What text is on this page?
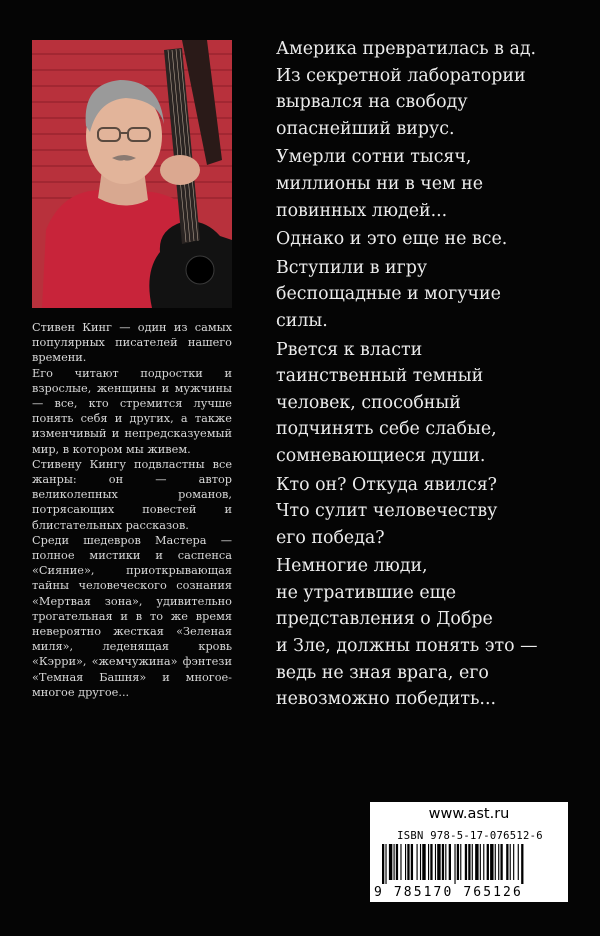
Стивен Кинг — один из самых популярных писателей нашего времени.

Его читают подростки и взрослые, женщины и мужчины — все, кто стремится лучше понять себя и других, а также изменчивый и непредсказуемый мир, в котором мы живем.

Стивену Кингу подвластны все жанры: он — автор великолепных романов, потрясающих повестей и блистательных рассказов.

Среди шедевров Мастера — полное мистики и саспенса «Сияние», приоткрывающая тайны человеческого сознания «Мертвая зона», удивительно трогательная и в то же время невероятно жесткая «Зеленая миля», леденящая кровь «Кэрри», «жемчужина» фэнтези «Темная Башня» и многое-многое другое...

Америка превратилась в ад.
Из секретной лаборатории
вырвался на свободу
опаснейший вирус.

Умерли сотни тысяч,
миллионы ни в чем не
повинных людей...

Однако и это еще не все.

Вступили в игру
беспощадные и могучие
силы.

Рвется к власти
таинственный темный
человек, способный
подчинять себе слабые,
сомневающиеся души.

Кто он? Откуда явился?
Что сулит человечеству
его победа?

Немногие люди,
не утратившие еще
представления о Добре
и Зле, должны понять это —
ведь не зная врага, его
невозможно победить...

www.ast.ru
ISBN 978-5-17-076512-6
9 785170 765126
